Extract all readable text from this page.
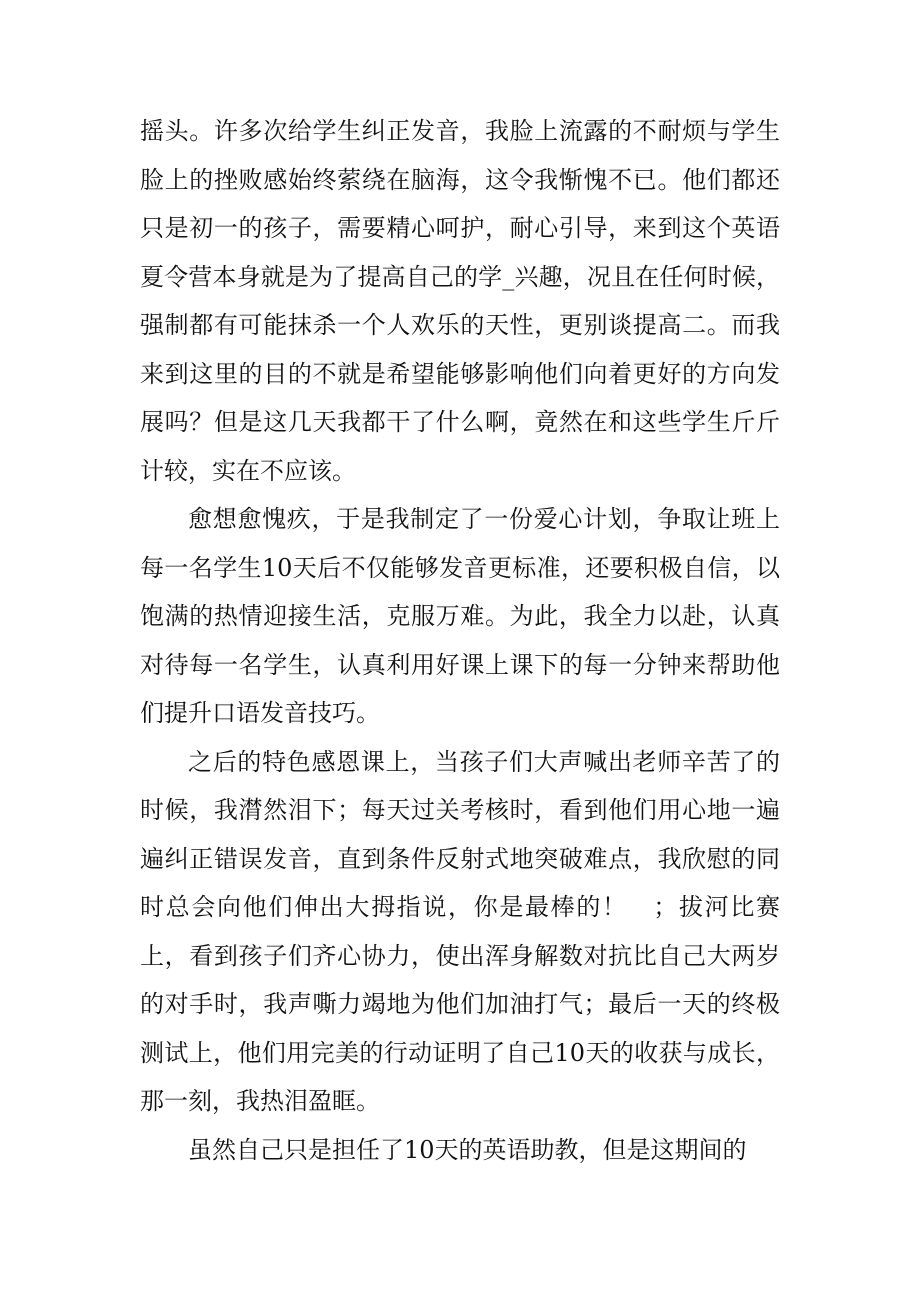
摇头。许多次给学生纠正发音，我脸上流露的不耐烦与学生脸上的挫败感始终萦绕在脑海，这令我惭愧不已。他们都还只是初一的孩子，需要精心呵护，耐心引导，来到这个英语夏令营本身就是为了提高自己的学_兴趣，况且在任何时候，强制都有可能抹杀一个人欢乐的天性，更别谈提高二。而我来到这里的目的不就是希望能够影响他们向着更好的方向发展吗？但是这几天我都干了什么啊，竟然在和这些学生斤斤计较，实在不应该。

愈想愈愧疚，于是我制定了一份爱心计划，争取让班上每一名学生10天后不仅能够发音更标准，还要积极自信，以饱满的热情迎接生活，克服万难。为此，我全力以赴，认真对待每一名学生，认真利用好课上课下的每一分钟来帮助他们提升口语发音技巧。

之后的特色感恩课上，当孩子们大声喊出老师辛苦了的时候，我潸然泪下；每天过关考核时，看到他们用心地一遍遍纠正错误发音，直到条件反射式地突破难点，我欣慰的同时总会向他们伸出大拇指说，你是最棒的！　；拔河比赛上，看到孩子们齐心协力，使出浑身解数对抗比自己大两岁的对手时，我声嘶力竭地为他们加油打气；最后一天的终极测试上，他们用完美的行动证明了自己10天的收获与成长，那一刻，我热泪盈眶。

虽然自己只是担任了10天的英语助教，但是这期间的
